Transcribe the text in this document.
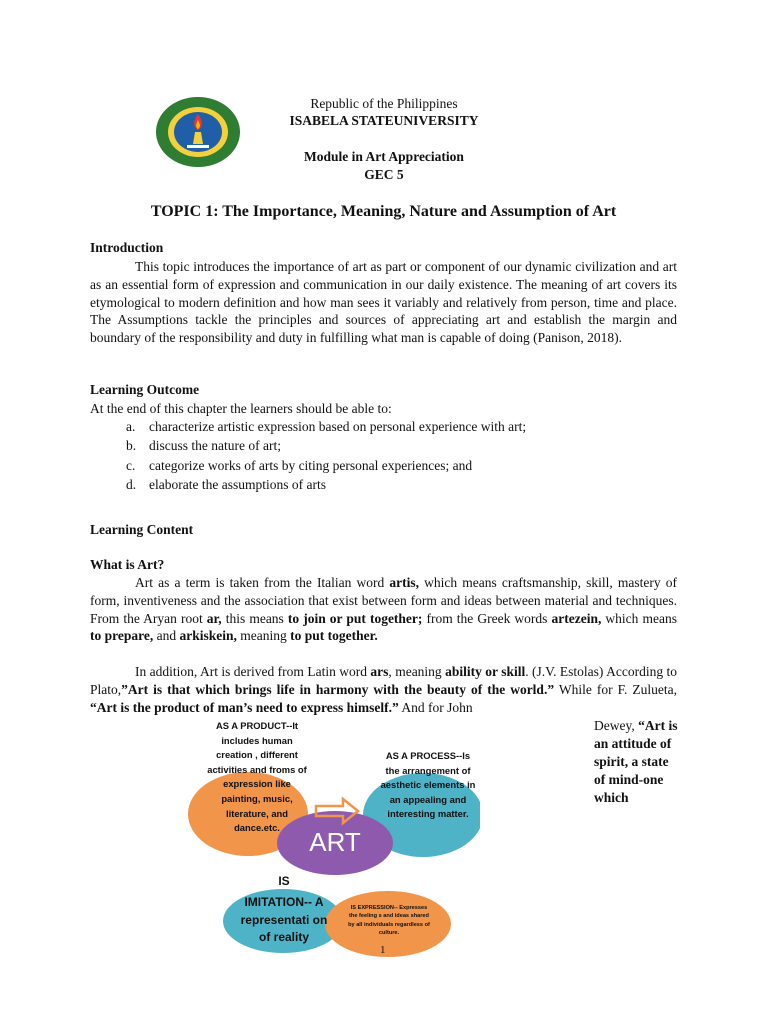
Republic of the Philippines
ISABELA STATEUNIVERSITY
Module in Art Appreciation
GEC 5
TOPIC 1: The Importance, Meaning, Nature and Assumption of Art
Introduction
This topic introduces the importance of art as part or component of our dynamic civilization and art as an essential form of expression and communication in our daily existence. The meaning of art covers its etymological to modern definition and how man sees it variably and relatively from person, time and place. The Assumptions tackle the principles and sources of appreciating art and establish the margin and boundary of the responsibility and duty in fulfilling what man is capable of doing (Panison, 2018).
Learning Outcome
At the end of this chapter the learners should be able to:
a.	characterize artistic expression based on personal experience with art;
b. discuss the nature of art;
c.	categorize works of arts by citing personal experiences; and
d. elaborate the assumptions of arts
Learning Content
What is Art?
Art as a term is taken from the Italian word artis, which means craftsmanship, skill, mastery of form, inventiveness and the association that exist between form and ideas between material and techniques. From the Aryan root ar, this means to join or put together; from the Greek words artezein, which means to prepare, and arkiskein, meaning to put together.
In addition, Art is derived from Latin word ars, meaning ability or skill. (J.V. Estolas) According to Plato,”Art is that which brings life in harmony with the beauty of the world.” While for F. Zulueta, “Art is the product of man’s need to express himself.” And for John
Dewey, “Art is an attitude of spirit, a state of mind-one which
ART
AS A PRODUCT--It includes human creation , different activities and froms of expression like painting, music, literature, and dance.etc.
AS A PROCESS--Is the arrangement of aesthetic elements in an appealing and interesting matter.
IS
IMITATION-- A representati on of reality
IS EXPRESSION-- Expresses the feeling s and ideas shared by all individuals regardless of culture.
1
